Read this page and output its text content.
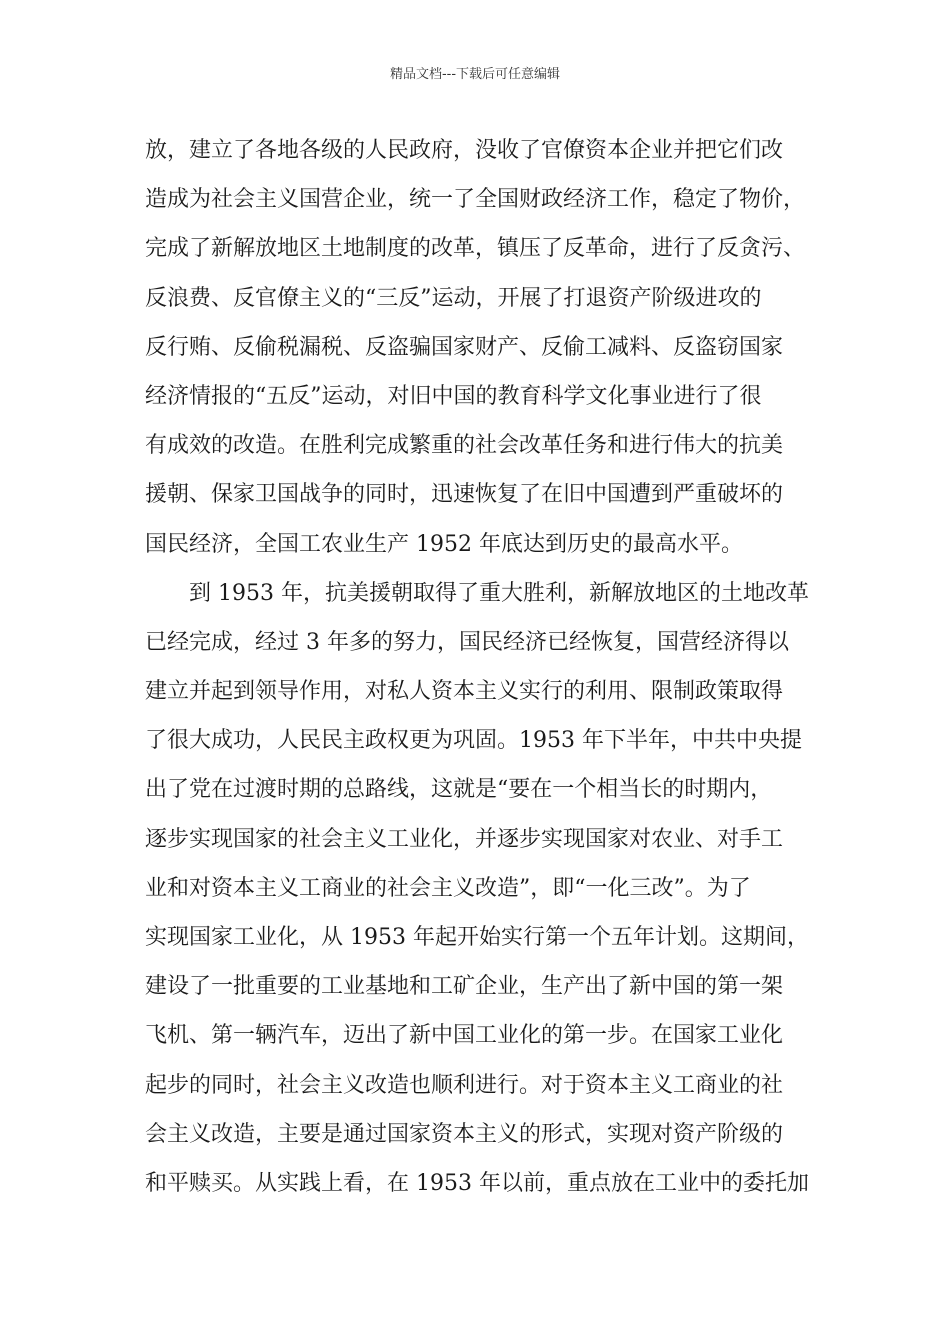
精品文档---下载后可任意编辑
放，建立了各地各级的人民政府，没收了官僚资本企业并把它们改
造成为社会主义国营企业，统一了全国财政经济工作，稳定了物价，
完成了新解放地区土地制度的改革，镇压了反革命，进行了反贪污、
反浪费、反官僚主义的“三反”运动，开展了打退资产阶级进攻的
反行贿、反偷税漏税、反盗骗国家财产、反偷工减料、反盗窃国家
经济情报的“五反”运动，对旧中国的教育科学文化事业进行了很
有成效的改造。在胜利完成繁重的社会改革任务和进行伟大的抗美
援朝、保家卫国战争的同时，迅速恢复了在旧中国遭到严重破坏的
国民经济，全国工农业生产 1952 年底达到历史的最高水平。
到 1953 年，抗美援朝取得了重大胜利，新解放地区的土地改革
已经完成，经过 3 年多的努力，国民经济已经恢复，国营经济得以
建立并起到领导作用，对私人资本主义实行的利用、限制政策取得
了很大成功，人民民主政权更为巩固。1953 年下半年，中共中央提
出了党在过渡时期的总路线，这就是“要在一个相当长的时期内，
逐步实现国家的社会主义工业化，并逐步实现国家对农业、对手工
业和对资本主义工商业的社会主义改造”，即“一化三改”。为了
实现国家工业化，从 1953 年起开始实行第一个五年计划。这期间，
建设了一批重要的工业基地和工矿企业，生产出了新中国的第一架
飞机、第一辆汽车，迈出了新中国工业化的第一步。在国家工业化
起步的同时，社会主义改造也顺利进行。对于资本主义工商业的社
会主义改造，主要是通过国家资本主义的形式，实现对资产阶级的
和平赎买。从实践上看，在 1953 年以前，重点放在工业中的委托加
